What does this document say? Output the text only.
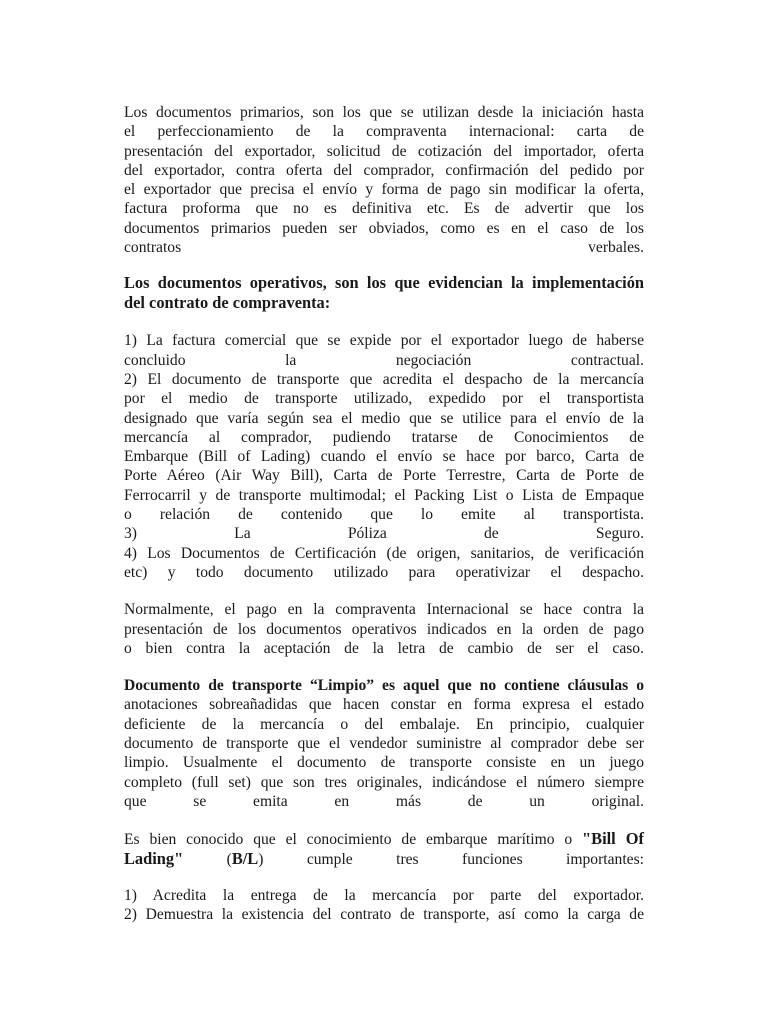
Los documentos primarios, son los que se utilizan desde la iniciación hasta
el perfeccionamiento de la compraventa internacional: carta de
presentación del exportador, solicitud de cotización del importador, oferta
del exportador, contra oferta del comprador, confirmación del pedido por
el exportador que precisa el envío y forma de pago sin modificar la oferta,
factura proforma que no es definitiva etc. Es de advertir que los
documentos primarios pueden ser obviados, como es en el caso de los
contratos verbales.
Los documentos operativos, son los que evidencian la implementación
del contrato de compraventa:
1) La factura comercial que se expide por el exportador luego de haberse
concluido la negociación contractual.
2) El documento de transporte que acredita el despacho de la mercancía
por el medio de transporte utilizado, expedido por el transportista
designado que varía según sea el medio que se utilice para el envío de la
mercancía al comprador, pudiendo tratarse de Conocimientos de
Embarque (Bill of Lading) cuando el envío se hace por barco, Carta de
Porte Aéreo (Air Way Bill), Carta de Porte Terrestre, Carta de Porte de
Ferrocarril y de transporte multimodal; el Packing List o Lista de Empaque
o relación de contenido que lo emite al transportista.
3) La Póliza de Seguro.
4) Los Documentos de Certificación (de origen, sanitarios, de verificación
etc) y todo documento utilizado para operativizar el despacho.
Normalmente, el pago en la compraventa Internacional se hace contra la
presentación de los documentos operativos indicados en la orden de pago
o bien contra la aceptación de la letra de cambio de ser el caso.
Documento de transporte “Limpio” es aquel que no contiene cláusulas o
anotaciones sobreañadidas que hacen constar en forma expresa el estado
deficiente de la mercancía o del embalaje. En principio, cualquier
documento de transporte que el vendedor suministre al comprador debe ser
limpio. Usualmente el documento de transporte consiste en un juego
completo (full set) que son tres originales, indicándose el número siempre
que se emita en más de un original.
Es bien conocido que el conocimiento de embarque marítimo o "Bill Of
Lading" (B/L) cumple tres funciones importantes:
1) Acredita la entrega de la mercancía por parte del exportador.
2) Demuestra la existencia del contrato de transporte, así como la carga de
